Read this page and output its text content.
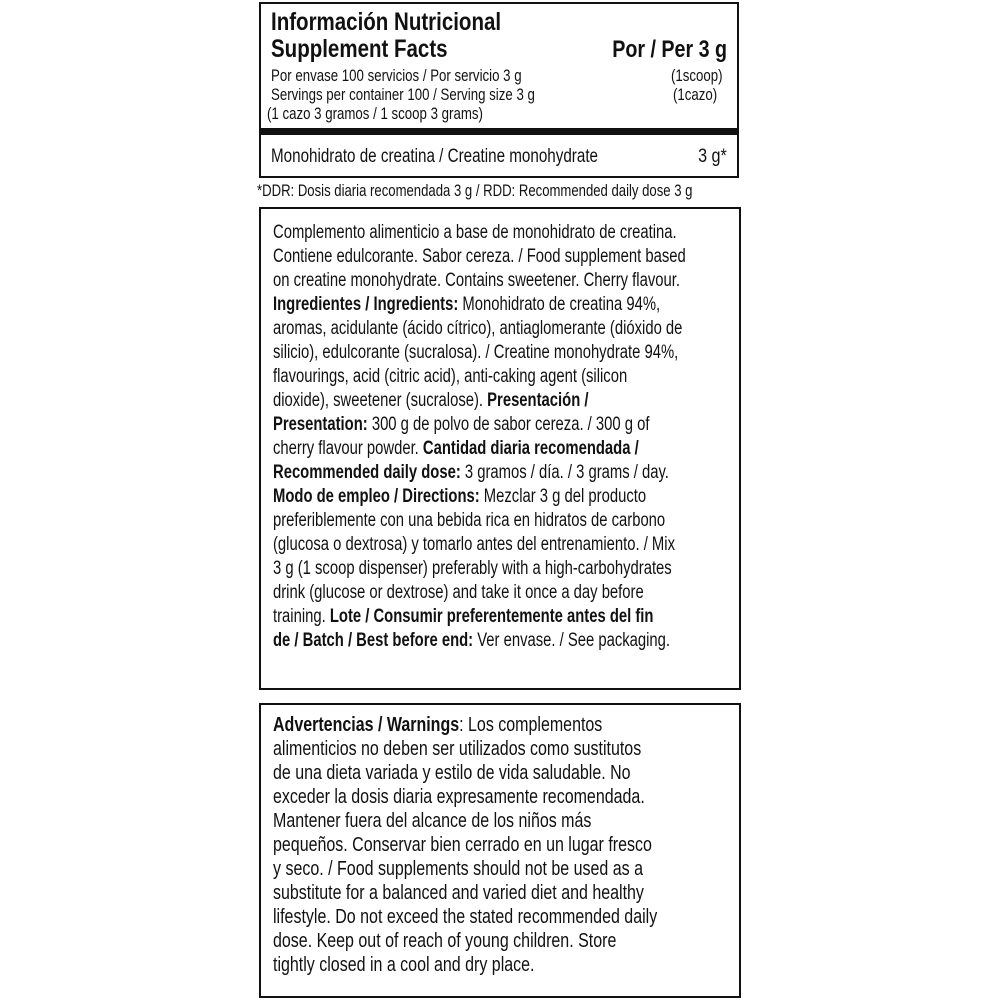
Información Nutricional
Supplement Facts	Por / Per 3 g
Por envase 100 servicios / Por servicio 3 g
Servings per container 100 / Serving size 3 g
(1 cazo 3 gramos / 1 scoop 3 grams)
(1scoop)
(1cazo)
Monohidrato de creatina / Creatine monohydrate	3 g*
*DDR: Dosis diaria recomendada 3 g / RDD: Recommended daily dose 3 g
Complemento alimenticio a base de monohidrato de creatina.
Contiene edulcorante. Sabor cereza. / Food supplement based
on creatine monohydrate. Contains sweetener. Cherry flavour.
Ingredientes / Ingredients: Monohidrato de creatina 94%,
aromas, acidulante (ácido cítrico), antiaglomerante (dióxido de
silicio), edulcorante (sucralosa). / Creatine monohydrate 94%,
flavourings, acid (citric acid), anti-caking agent (silicon
dioxide), sweetener (sucralose). Presentación /
Presentation: 300 g de polvo de sabor cereza. / 300 g of
cherry flavour powder. Cantidad diaria recomendada /
Recommended daily dose: 3 gramos / día. / 3 grams / day.
Modo de empleo / Directions: Mezclar 3 g del producto
preferiblemente con una bebida rica en hidratos de carbono
(glucosa o dextrosa) y tomarlo antes del entrenamiento. / Mix
3 g (1 scoop dispenser) preferably with a high-carbohydrates
drink (glucose or dextrose) and take it once a day before
training. Lote / Consumir preferentemente antes del fin
de / Batch / Best before end: Ver envase. / See packaging.
Advertencias / Warnings: Los complementos
alimenticios no deben ser utilizados como sustitutos
de una dieta variada y estilo de vida saludable. No
exceder la dosis diaria expresamente recomendada.
Mantener fuera del alcance de los niños más
pequeños. Conservar bien cerrado en un lugar fresco
y seco. / Food supplements should not be used as a
substitute for a balanced and varied diet and healthy
lifestyle. Do not exceed the stated recommended daily
dose. Keep out of reach of young children. Store
tightly closed in a cool and dry place.
